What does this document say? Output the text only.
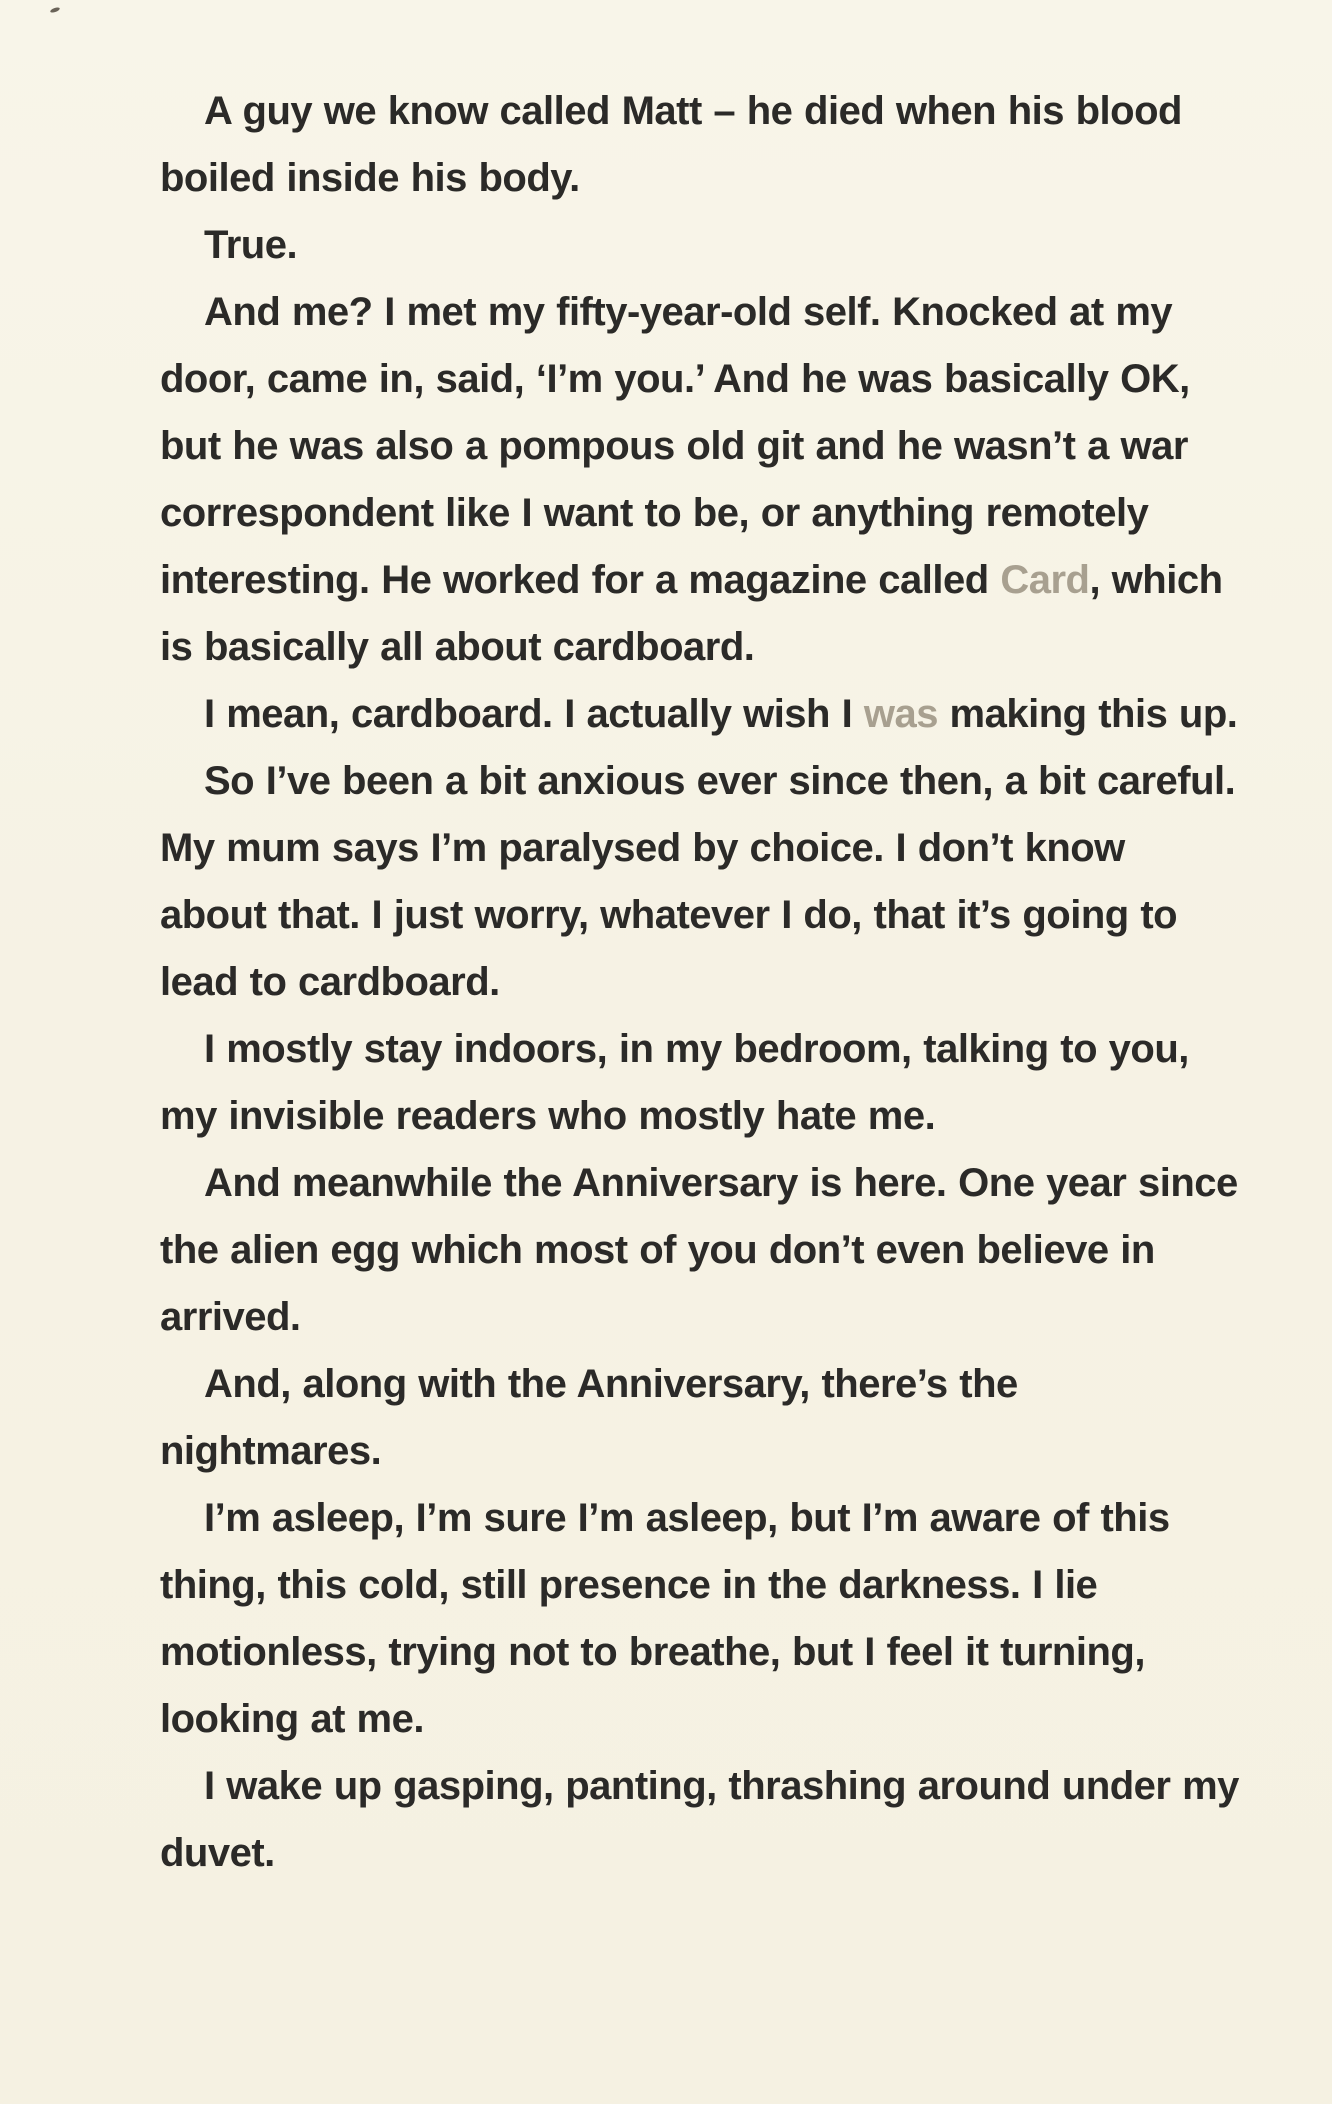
A guy we know called Matt – he died when his blood boiled inside his body.

True.

And me? I met my fifty-year-old self. Knocked at my door, came in, said, ‘I’m you.’ And he was basically OK, but he was also a pompous old git and he wasn’t a war correspondent like I want to be, or anything remotely interesting. He worked for a magazine called Card, which is basically all about cardboard.

I mean, cardboard. I actually wish I was making this up.

So I’ve been a bit anxious ever since then, a bit careful. My mum says I’m paralysed by choice. I don’t know about that. I just worry, whatever I do, that it’s going to lead to cardboard.

I mostly stay indoors, in my bedroom, talking to you, my invisible readers who mostly hate me.

And meanwhile the Anniversary is here. One year since the alien egg which most of you don’t even believe in arrived.

And, along with the Anniversary, there’s the nightmares.

I’m asleep, I’m sure I’m asleep, but I’m aware of this thing, this cold, still presence in the darkness. I lie motionless, trying not to breathe, but I feel it turning, looking at me.

I wake up gasping, panting, thrashing around under my duvet.
